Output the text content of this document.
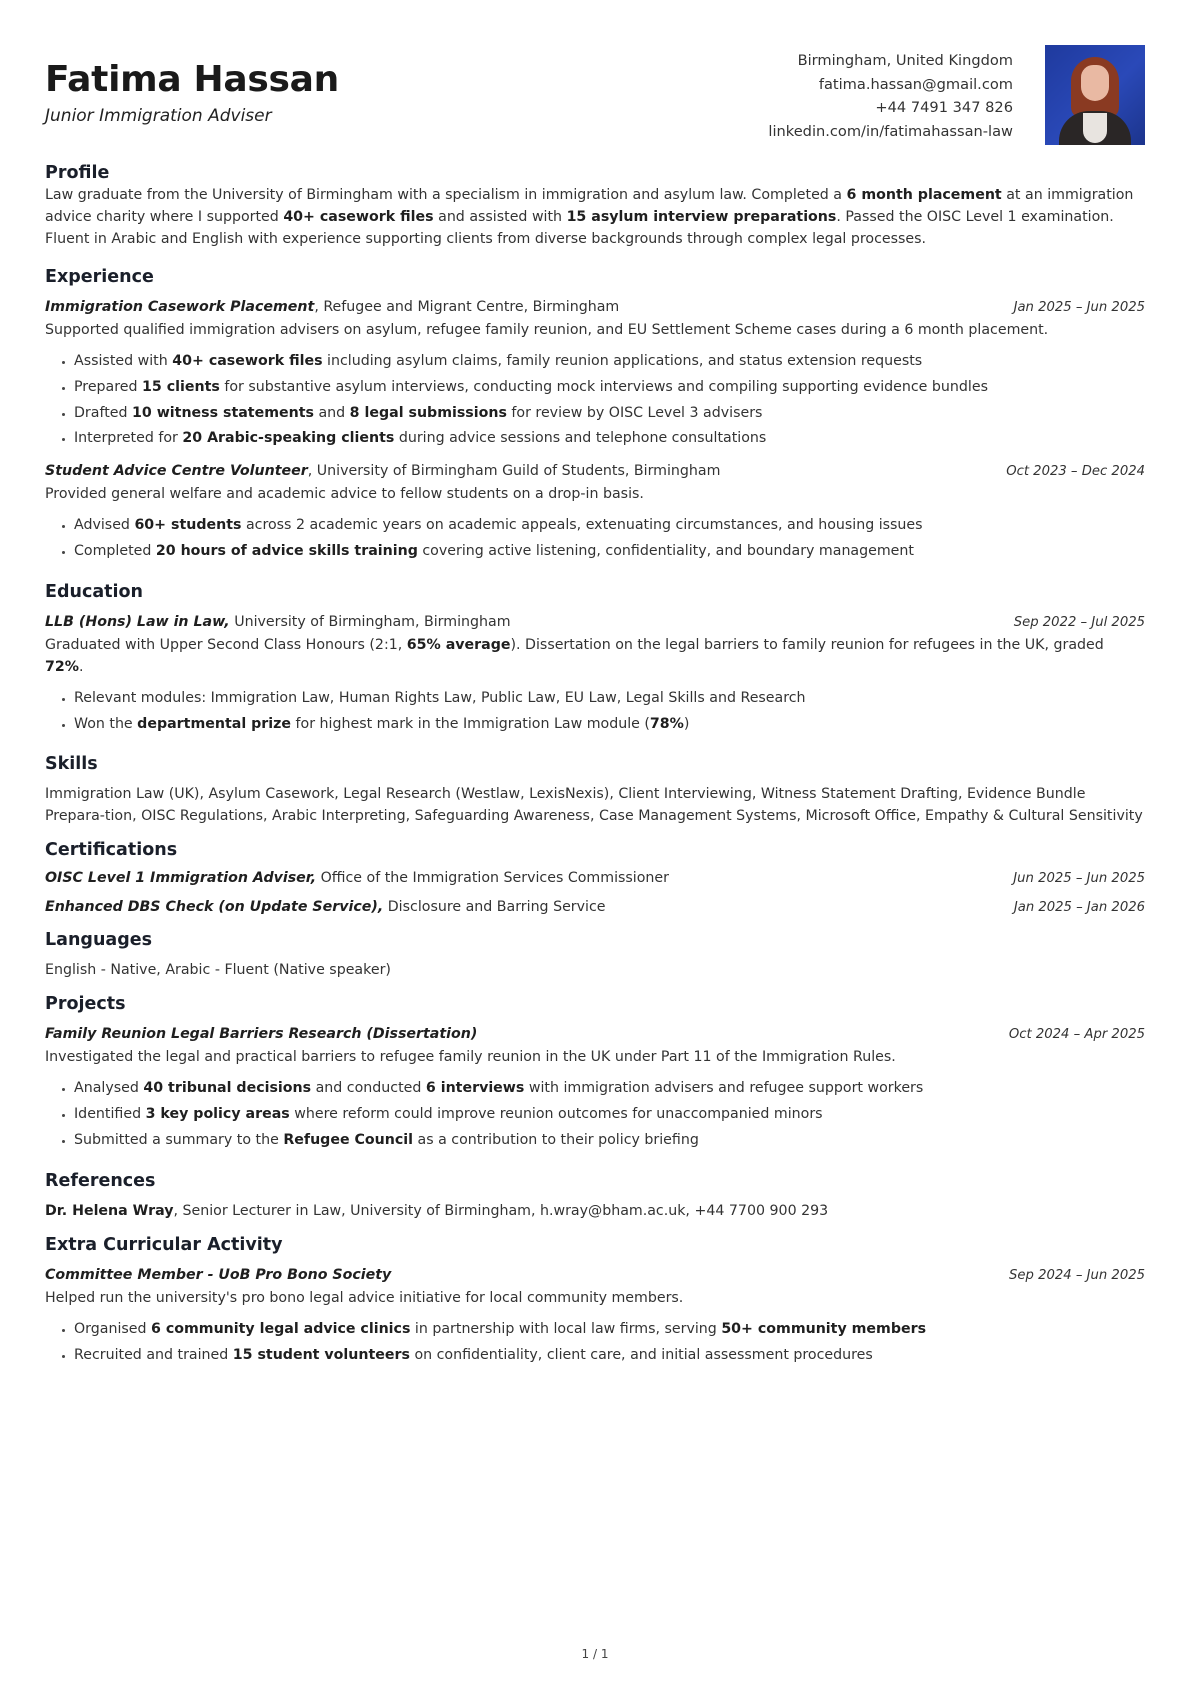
Fatima Hassan
Junior Immigration Adviser
Birmingham, United Kingdom
fatima.hassan@gmail.com
+44 7491 347 826
linkedin.com/in/fatimahassan-law
Profile
Law graduate from the University of Birmingham with a specialism in immigration and asylum law. Completed a 6 month placement at an immigration advice charity where I supported 40+ casework files and assisted with 15 asylum interview preparations. Passed the OISC Level 1 examination. Fluent in Arabic and English with experience supporting clients from diverse backgrounds through complex legal processes.
Experience
Immigration Casework Placement, Refugee and Migrant Centre, Birmingham	Jan 2025 – Jun 2025
Supported qualified immigration advisers on asylum, refugee family reunion, and EU Settlement Scheme cases during a 6 month placement.
Assisted with 40+ casework files including asylum claims, family reunion applications, and status extension requests
Prepared 15 clients for substantive asylum interviews, conducting mock interviews and compiling supporting evidence bundles
Drafted 10 witness statements and 8 legal submissions for review by OISC Level 3 advisers
Interpreted for 20 Arabic-speaking clients during advice sessions and telephone consultations
Student Advice Centre Volunteer, University of Birmingham Guild of Students, Birmingham	Oct 2023 – Dec 2024
Provided general welfare and academic advice to fellow students on a drop-in basis.
Advised 60+ students across 2 academic years on academic appeals, extenuating circumstances, and housing issues
Completed 20 hours of advice skills training covering active listening, confidentiality, and boundary management
Education
LLB (Hons) Law in Law, University of Birmingham, Birmingham	Sep 2022 – Jul 2025
Graduated with Upper Second Class Honours (2:1, 65% average). Dissertation on the legal barriers to family reunion for refugees in the UK, graded 72%.
Relevant modules: Immigration Law, Human Rights Law, Public Law, EU Law, Legal Skills and Research
Won the departmental prize for highest mark in the Immigration Law module (78%)
Skills
Immigration Law (UK), Asylum Casework, Legal Research (Westlaw, LexisNexis), Client Interviewing, Witness Statement Drafting, Evidence Bundle Prepara-tion, OISC Regulations, Arabic Interpreting, Safeguarding Awareness, Case Management Systems, Microsoft Office, Empathy & Cultural Sensitivity
Certifications
OISC Level 1 Immigration Adviser, Office of the Immigration Services Commissioner	Jun 2025 – Jun 2025
Enhanced DBS Check (on Update Service), Disclosure and Barring Service	Jan 2025 – Jan 2026
Languages
English - Native, Arabic - Fluent (Native speaker)
Projects
Family Reunion Legal Barriers Research (Dissertation)	Oct 2024 – Apr 2025
Investigated the legal and practical barriers to refugee family reunion in the UK under Part 11 of the Immigration Rules.
Analysed 40 tribunal decisions and conducted 6 interviews with immigration advisers and refugee support workers
Identified 3 key policy areas where reform could improve reunion outcomes for unaccompanied minors
Submitted a summary to the Refugee Council as a contribution to their policy briefing
References
Dr. Helena Wray, Senior Lecturer in Law, University of Birmingham, h.wray@bham.ac.uk, +44 7700 900 293
Extra Curricular Activity
Committee Member - UoB Pro Bono Society	Sep 2024 – Jun 2025
Helped run the university's pro bono legal advice initiative for local community members.
Organised 6 community legal advice clinics in partnership with local law firms, serving 50+ community members
Recruited and trained 15 student volunteers on confidentiality, client care, and initial assessment procedures
1 / 1
